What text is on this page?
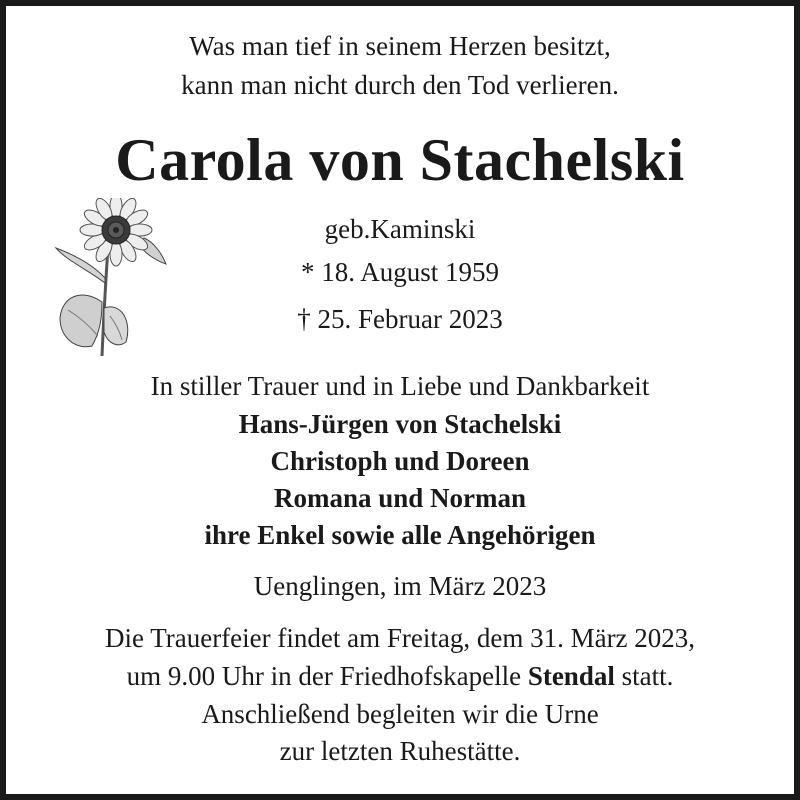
Was man tief in seinem Herzen besitzt,
kann man nicht durch den Tod verlieren.
Carola von Stachelski
geb.Kaminski
* 18. August 1959
† 25. Februar 2023
In stiller Trauer und in Liebe und Dankbarkeit
Hans-Jürgen von Stachelski
Christoph und Doreen
Romana und Norman
ihre Enkel sowie alle Angehörigen
Uenglingen, im März 2023
Die Trauerfeier findet am Freitag, dem 31. März 2023,
um 9.00 Uhr in der Friedhofskapelle Stendal statt.
Anschließend begleiten wir die Urne
zur letzten Ruhestätte.
